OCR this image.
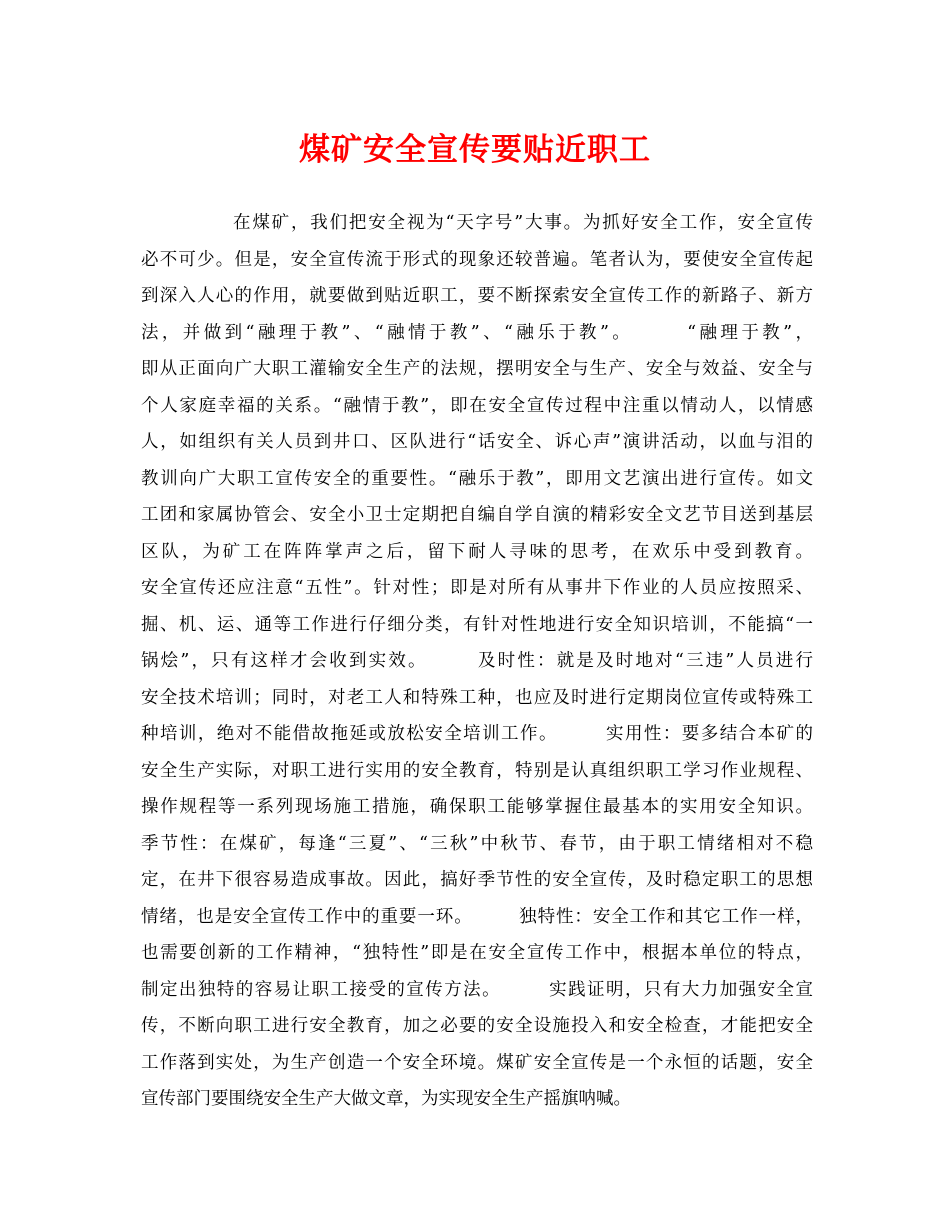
煤矿安全宣传要贴近职工
在煤矿，我们把安全视为“天字号”大事。为抓好安全工作，安全宣传
必不可少。但是，安全宣传流于形式的现象还较普遍。笔者认为，要使安全宣传起
到深入人心的作用，就要做到贴近职工，要不断探索安全宣传工作的新路子、新方
法，并做到“融理于教”、“融情于教”、“融乐于教”。　　　“融理于教”，
即从正面向广大职工灌输安全生产的法规，摆明安全与生产、安全与效益、安全与
个人家庭幸福的关系。“融情于教”，即在安全宣传过程中注重以情动人，以情感
人，如组织有关人员到井口、区队进行“话安全、诉心声”演讲活动，以血与泪的
教训向广大职工宣传安全的重要性。“融乐于教”，即用文艺演出进行宣传。如文
工团和家属协管会、安全小卫士定期把自编自学自演的精彩安全文艺节目送到基层
区队，为矿工在阵阵掌声之后，留下耐人寻味的思考，在欢乐中受到教育。
安全宣传还应注意“五性”。针对性；即是对所有从事井下作业的人员应按照采、
掘、机、运、通等工作进行仔细分类，有针对性地进行安全知识培训，不能搞“一
锅烩”，只有这样才会收到实效。　　　及时性：就是及时地对“三违”人员进行
安全技术培训；同时，对老工人和特殊工种，也应及时进行定期岗位宣传或特殊工
种培训，绝对不能借故拖延或放松安全培训工作。　　　实用性：要多结合本矿的
安全生产实际，对职工进行实用的安全教育，特别是认真组织职工学习作业规程、
操作规程等一系列现场施工措施，确保职工能够掌握住最基本的实用安全知识。
季节性：在煤矿，每逢“三夏”、“三秋”中秋节、春节，由于职工情绪相对不稳
定，在井下很容易造成事故。因此，搞好季节性的安全宣传，及时稳定职工的思想
情绪，也是安全宣传工作中的重要一环。　　　独特性：安全工作和其它工作一样，
也需要创新的工作精神，“独特性”即是在安全宣传工作中，根据本单位的特点，
制定出独特的容易让职工接受的宣传方法。　　　实践证明，只有大力加强安全宣
传，不断向职工进行安全教育，加之必要的安全设施投入和安全检查，才能把安全
工作落到实处，为生产创造一个安全环境。煤矿安全宣传是一个永恒的话题，安全
宣传部门要围绕安全生产大做文章，为实现安全生产摇旗呐喊。
